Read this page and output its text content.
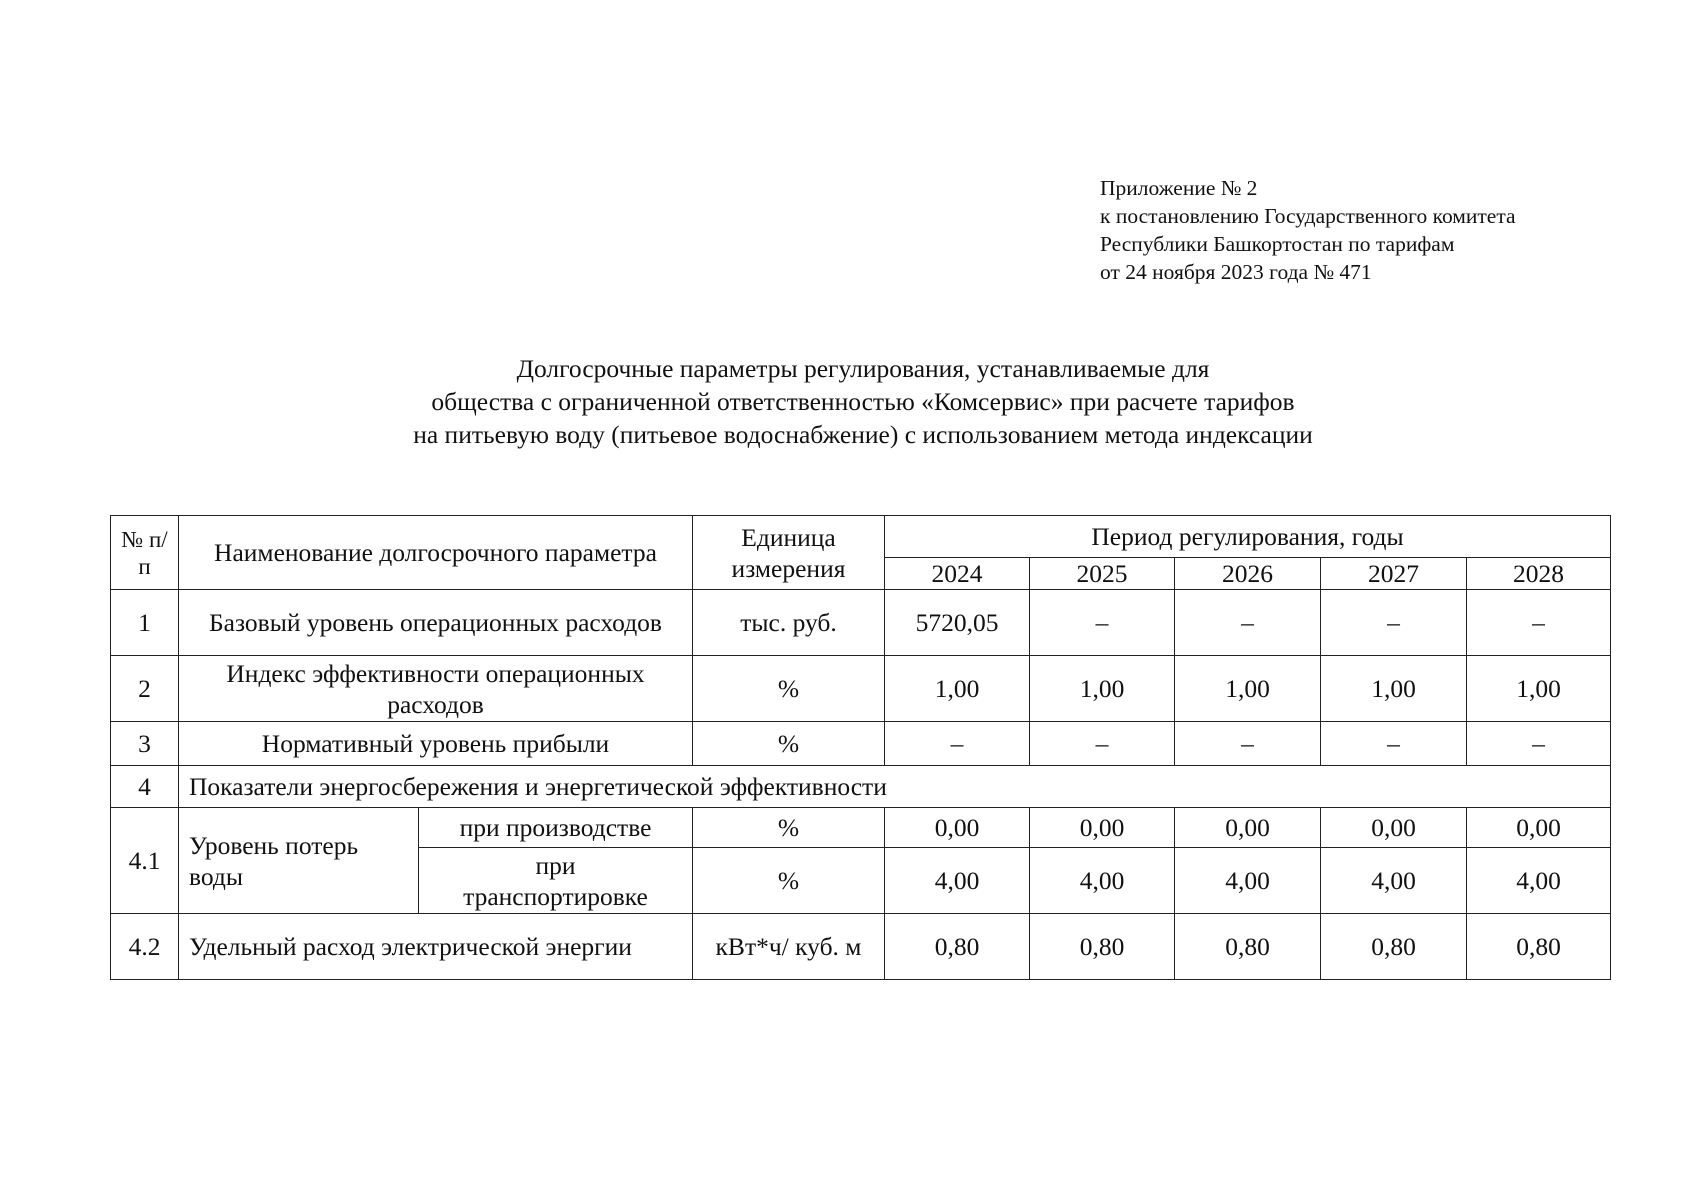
Приложение № 2
к постановлению Государственного комитета
Республики Башкортостан по тарифам
от 24 ноября 2023 года № 471
Долгосрочные параметры регулирования, устанавливаемые для
общества с ограниченной ответственностью «Комсервис» при расчете тарифов
на питьевую воду (питьевое водоснабжение) с использованием метода индексации
№ п/п	Наименование долгосрочного параметра		Единица измерения	Период регулирования, годы				
				2024	2025	2026	2027	2028
1	Базовый уровень операционных расходов		тыс. руб.	5720,05	–	–	–	–
2	Индекс эффективности операционных расходов		%	1,00	1,00	1,00	1,00	1,00
3	Нормативный уровень прибыли		%	–	–	–	–	–
4	Показатели энергосбережения и энергетической эффективности							
4.1	Уровень потерь воды	при производстве	%	0,00	0,00	0,00	0,00	0,00
		при транспортировке	%	4,00	4,00	4,00	4,00	4,00
4.2	Удельный расход электрической энергии		кВт*ч/ куб. м	0,80	0,80	0,80	0,80	0,80
